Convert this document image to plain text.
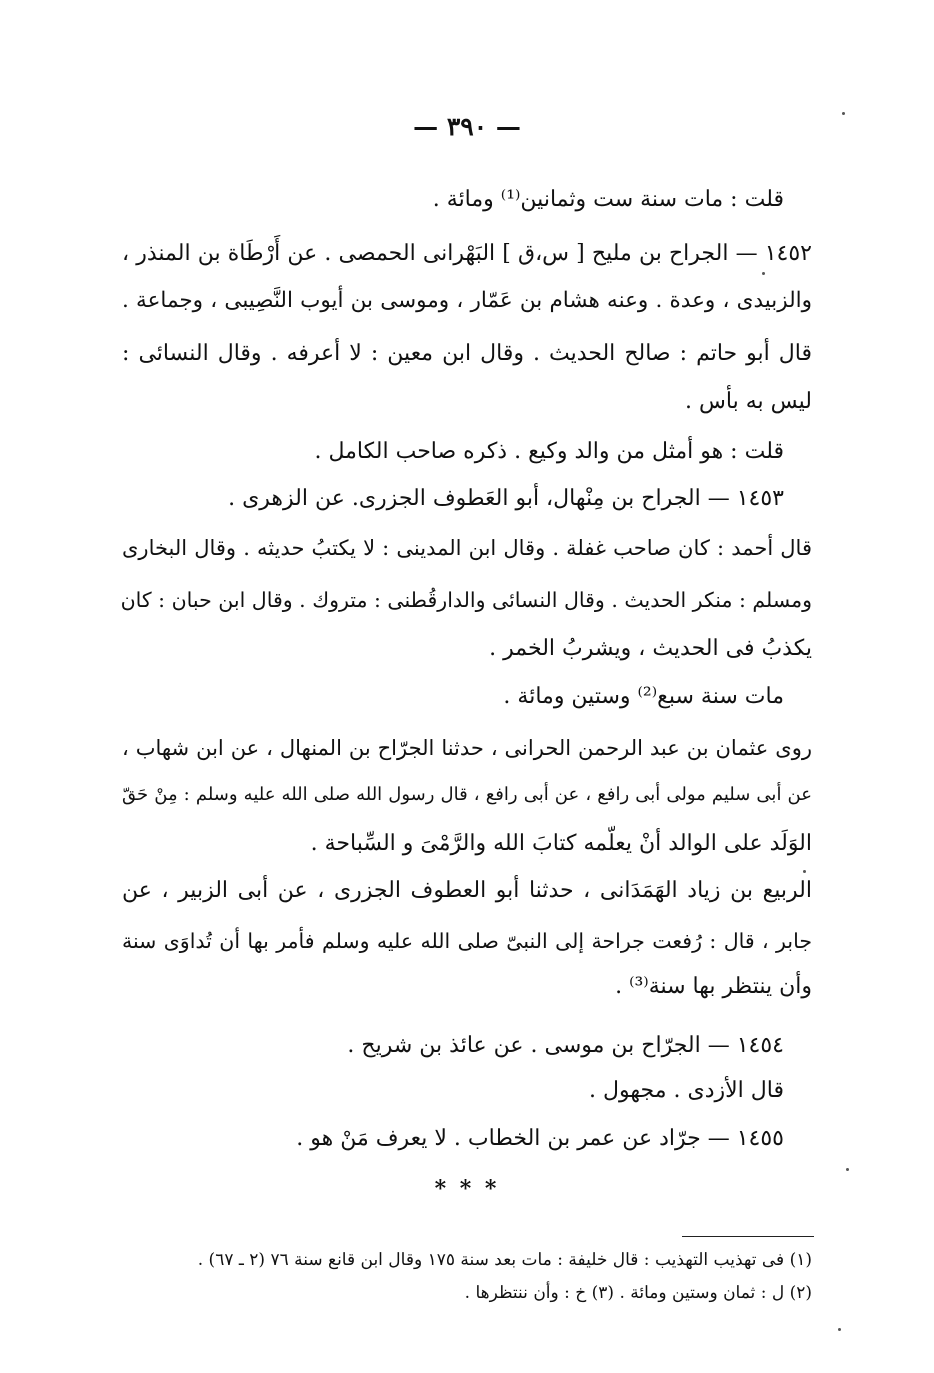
— ٣٩٠ —
قلت : مات سنة ست وثمانين⁽¹⁾ ومائة .
١٤٥٢ — الجراح بن مليح [ س،ق ] البَهْرانى الحمصى . عن أَرْطَاة بن المنذر ،
والزبيدى ، وعدة . وعنه هشام بن عَمّار ، وموسى بن أيوب النَّصِيبى ، وجماعة .
قال أبو حاتم : صالح الحديث . وقال ابن معين : لا أعرفه . وقال النسائى :
ليس به بأس .
قلت : هو أمثل من والد وكيع . ذكره صاحب الكامل .
١٤٥٣ — الجراح بن مِنْهال، أبو العَطوف الجزرى. عن الزهرى .
قال أحمد : كان صاحب غفلة . وقال ابن المدينى : لا يكتبُ حديثه . وقال البخارى
ومسلم : منكر الحديث . وقال النسائى والدارقُطنى : متروك . وقال ابن حبان : كان
يكذبُ فى الحديث ، ويشربُ الخمر .
مات سنة سبع⁽²⁾ وستين ومائة .
روى عثمان بن عبد الرحمن الحرانى ، حدثنا الجرّاح بن المنهال ، عن ابن شهاب ،
عن أبى سليم مولى أبى رافع ، عن أبى رافع ، قال رسول الله صلى الله عليه وسلم : مِنْ حَقّ
الوَلَد على الوالد أنْ يعلّمه كتابَ الله والرَّمْىَ و السِّباحة .
الربيع بن زياد الهَمَدَانى ، حدثنا أبو العطوف الجزرى ، عن أبى الزبير ، عن
جابر ، قال : رُفعت جراحة إلى النبىّ صلى الله عليه وسلم فأمر بها أن تُداوَى سنة
وأن ينتظر بها سنة⁽³⁾ .
١٤٥٤ — الجرّاح بن موسى . عن عائذ بن شريح .
قال الأزدى . مجهول .
١٤٥٥ — جرّاد عن عمر بن الخطاب . لا يعرف مَنْ هو .
* * *
(١) فى تهذيب التهذيب : قال خليفة : مات بعد سنة ١٧٥ وقال ابن قانع سنة ٧٦ (٢ ـ ٦٧) .
(٢) ل : ثمان وستين ومائة . (٣) خ : وأن ننتظرها .
